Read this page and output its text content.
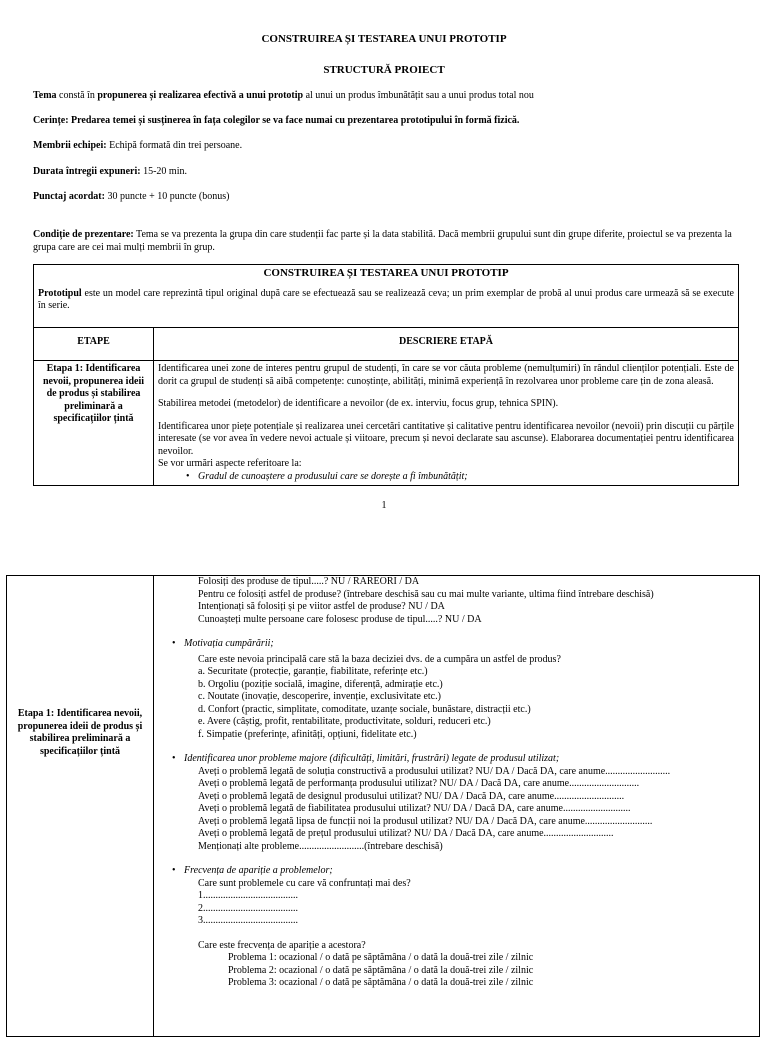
CONSTRUIREA ȘI TESTAREA UNUI PROTOTIP
STRUCTURĂ PROIECT
Tema constă în propunerea și realizarea efectivă a unui prototip al unui un produs îmbunătățit sau a unui produs total nou
Cerințe: Predarea temei și susținerea în fața colegilor se va face numai cu prezentarea prototipului în formă fizică.
Membrii echipei: Echipă formată din trei persoane.
Durata întregii expuneri: 15-20 min.
Punctaj acordat: 30 puncte + 10 puncte (bonus)
Condiție de prezentare: Tema se va prezenta la grupa din care studenții fac parte și la data stabilită. Dacă membrii grupului sunt din grupe diferite, proiectul se va prezenta la grupa care are cei mai mulți membrii în grup.
CONSTRUIREA ȘI TESTAREA UNUI PROTOTIP
Prototipul este un model care reprezintă tipul original după care se efectuează sau se realizează ceva; un prim exemplar de probă al unui produs care urmează să se execute în serie.	

ETAPE	DESCRIERE ETAPĂ
Etapa 1: Identificarea nevoii, propunerea ideii de produs și stabilirea preliminară a specificațiilor țintă	Identificarea unei zone de interes pentru grupul de studenți, în care se vor căuta probleme (nemulțumiri) în rândul clienților potențiali. Este de dorit ca grupul de studenți să aibă competențe: cunoștințe, abilități, minimă experiență în rezolvarea unor probleme care țin de zona aleasă.

Stabilirea metodei (metodelor) de identificare a nevoilor (de ex. interviu, focus grup, tehnica SPIN).

Identificarea unor piețe potențiale și realizarea unei cercetări cantitative și calitative pentru identificarea nevoilor (nevoii) prin discuții cu părțile interesate (se vor avea în vedere nevoi actuale și viitoare, precum și nevoi declarate sau ascunse). Elaborarea documentației pentru identificarea nevoilor.

Se vor urmări aspecte referitoare la:

• Gradul de cunoaștere a produsului care se dorește a fi îmbunătățit;
1
Etapa 1: Identificarea nevoii, propunerea ideii de produs și stabilirea preliminară a specificațiilor țintă
Folosiți des produse de tipul.....? NU / RAREORI / DA
Pentru ce folosiți astfel de produse? (întrebare deschisă sau cu mai multe variante, ultima fiind întrebare deschisă)
Intenționați să folosiți și pe viitor astfel de produse? NU / DA
Cunoașteți multe persoane care folosesc produse de tipul.....? NU / DA
• Motivația cumpărării;
Care este nevoia principală care stă la baza deciziei dvs. de a cumpăra un astfel de produs?
a. Securitate (protecție, garanție, fiabilitate, referințe etc.)
b. Orgoliu (poziție socială, imagine, diferență, admirație etc.)
c. Noutate (inovație, descoperire, invenție, exclusivitate etc.)
d. Confort (practic, simplitate, comoditate, uzanțe sociale, bunăstare, distracții etc.)
e. Avere (câștig, profit, rentabilitate, productivitate, solduri, reduceri etc.)
f. Simpatie (preferințe, afinități, opțiuni, fidelitate etc.)
• Identificarea unor probleme majore (dificultăți, limitări, frustrări) legate de produsul utilizat;
Aveți o problemă legată de soluția constructivă a produsului utilizat? NU/ DA / Dacă DA, care anume..........................
Aveți o problemă legată de performanța produsului utilizat? NU/ DA / Dacă DA, care anume............................
Aveți o problemă legată de designul produsului utilizat? NU/ DA / Dacă DA, care anume............................
Aveți o problemă legată de fiabilitatea produsului utilizat? NU/ DA / Dacă DA, care anume...........................
Aveți o problemă legată lipsa de funcții noi la produsul utilizat? NU/ DA / Dacă DA, care anume...........................
Aveți o problemă legată de prețul produsului utilizat? NU/ DA / Dacă DA, care anume............................
Menționați alte probleme..........................(întrebare deschisă)
• Frecvența de apariție a problemelor;
Care sunt problemele cu care vă confruntați mai des?
1......................................
2......................................
3......................................
Care este frecvența de apariție a acestora?
Problema 1: ocazional / o dată pe săptămâna / o dată la două-trei zile / zilnic
Problema 2: ocazional / o dată pe săptămâna / o dată la două-trei zile / zilnic
Problema 3: ocazional / o dată pe săptămâna / o dată la două-trei zile / zilnic
